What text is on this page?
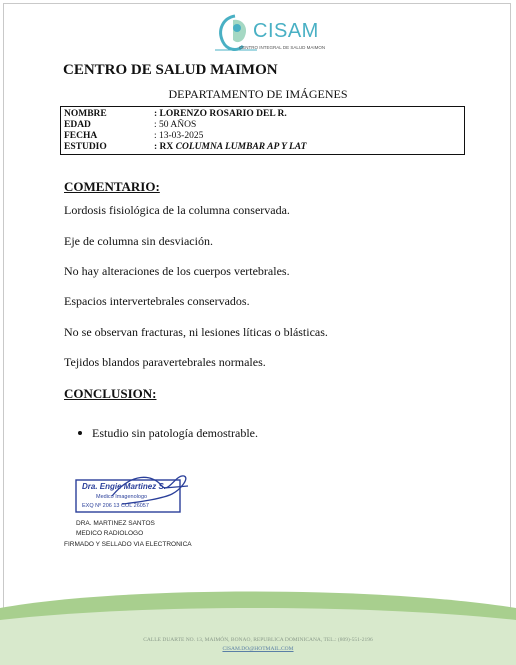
CISAM
CENTRO INTEGRAL DE SALUD MAIMON
CENTRO DE SALUD MAIMON
DEPARTAMENTO DE IMÁGENES
NOMBRE	: LORENZO ROSARIO DEL R.
EDAD	: 50 AÑOS
FECHA	: 13-03-2025
ESTUDIO	: RX COLUMNA LUMBAR AP Y LAT
COMENTARIO:
Lordosis fisiológica de la columna conservada.
Eje de columna sin desviación.
No hay alteraciones de los cuerpos vertebrales.
Espacios intervertebrales conservados.
No se observan fracturas, ni lesiones líticas o blásticas.
Tejidos blandos paravertebrales normales.
CONCLUSION:
Estudio sin patología demostrable.
Dra. Engie Martinez S.
Medico Imagenologo
EXQ Nº 206 13 COL 26057
DRA. MARTINEZ SANTOS
MEDICO RADIOLOGO
FIRMADO Y SELLADO VIA ELECTRONICA
CALLE DUARTE NO. 13, MAIMÓN, BONAO, REPUBLICA DOMINICANA, TEL.: (809)-551-2196
CISAM.DO@HOTMAIL.COM
